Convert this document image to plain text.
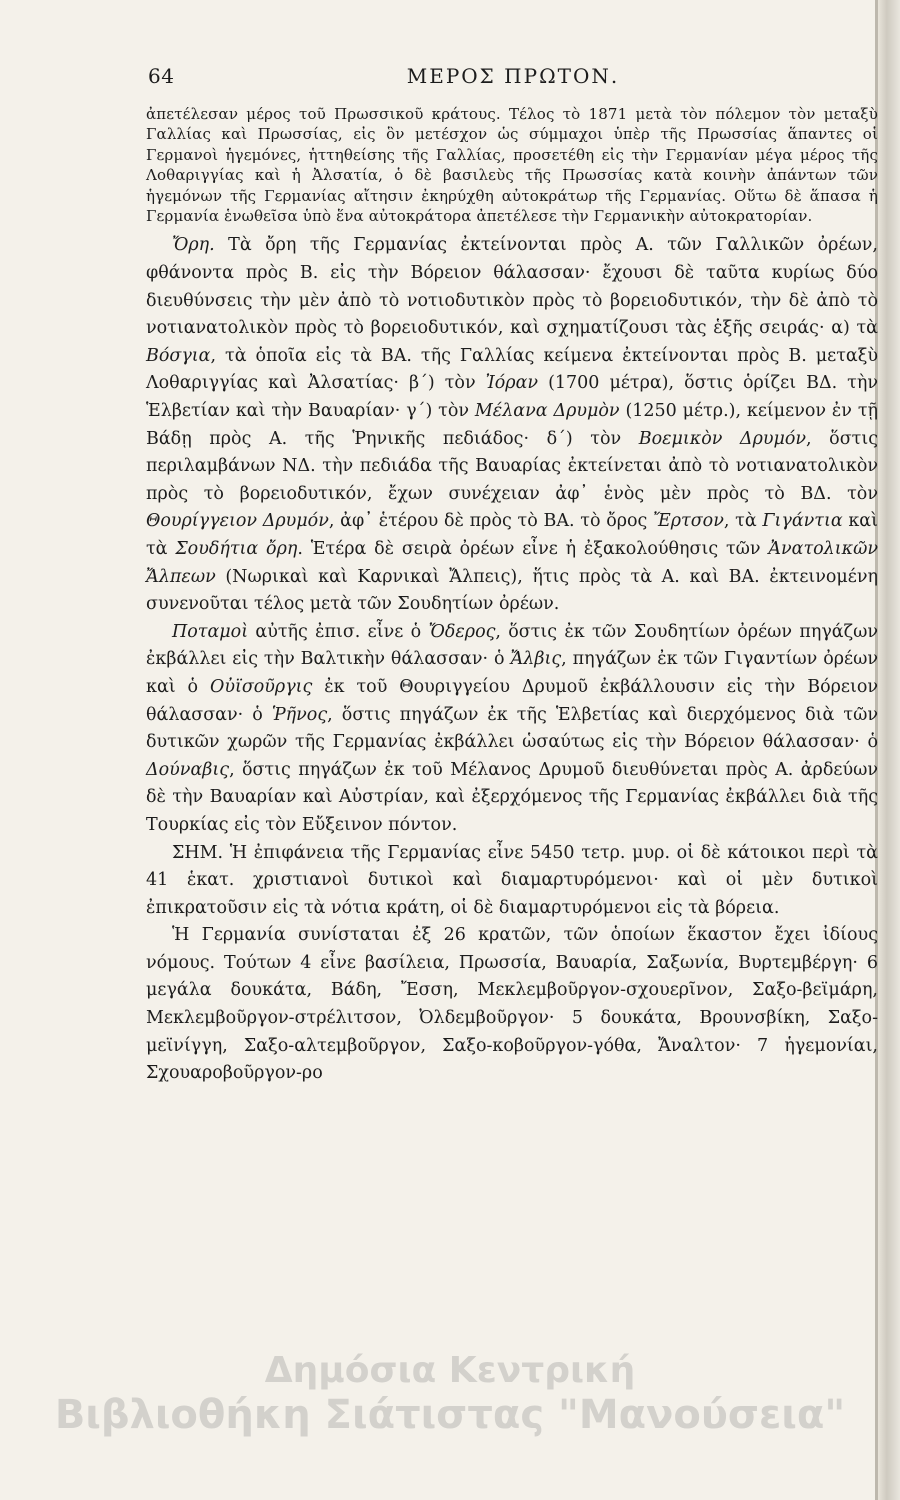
64	ΜΕΡΟΣ ΠΡΩΤΟΝ.

ἀπετέλεσαν μέρος τοῦ Πρωσσικοῦ κράτους. Τέλος τὸ 1871 μετὰ τὸν πόλεμον τὸν μεταξὺ Γαλλίας καὶ Πρωσσίας, εἰς ὃν μετέσχον ὡς σύμμαχοι ὑπὲρ τῆς Πρωσσίας ἅπαντες οἱ Γερμανοὶ ἡγεμόνες, ἡττηθείσης τῆς Γαλλίας, προσετέθη εἰς τὴν Γερμανίαν μέγα μέρος τῆς Λοθαριγγίας καὶ ἡ Ἀλσατία, ὁ δὲ βασιλεὺς τῆς Πρωσσίας κατὰ κοινὴν ἀπάντων τῶν ἡγεμόνων τῆς Γερμανίας αἴτησιν ἐκηρύχθη αὐτοκράτωρ τῆς Γερμανίας. Οὕτω δὲ ἅπασα ἡ Γερμανία ἑνωθεῖσα ὑπὸ ἕνα αὐτοκράτορα ἀπετέλεσε τὴν Γερμανικὴν αὐτοκρατορίαν.

Ὄρη. Τὰ ὄρη τῆς Γερμανίας ἐκτείνονται πρὸς Α. τῶν Γαλλικῶν ὀρέων, φθάνοντα πρὸς Β. εἰς τὴν Βόρειον θάλασσαν· ἔχουσι δὲ ταῦτα κυρίως δύο διευθύνσεις τὴν μὲν ἀπὸ τὸ νοτιοδυτικὸν πρὸς τὸ βορειοδυτικόν, τὴν δὲ ἀπὸ τὸ νοτιανατολικὸν πρὸς τὸ βορειοδυτικόν, καὶ σχηματίζουσι τὰς ἑξῆς σειράς· α) τὰ Βόσγια, τὰ ὁποῖα εἰς τὰ ΒΑ. τῆς Γαλλίας κείμενα ἐκτείνονται πρὸς Β. μεταξὺ Λοθαριγγίας καὶ Ἀλσατίας· β΄) τὸν Ἰόραν (1700 μέτρα), ὅστις ὁρίζει ΒΔ. τὴν Ἑλβετίαν καὶ τὴν Βαυαρίαν· γ΄) τὸν Μέλανα Δρυμὸν (1250 μέτρ.), κείμενον ἐν τῇ Βάδῃ πρὸς Α. τῆς Ῥηνικῆς πεδιάδος· δ΄) τὸν Βοεμικὸν Δρυμόν, ὅστις περιλαμβάνων ΝΔ. τὴν πεδιάδα τῆς Βαυαρίας ἐκτείνεται ἀπὸ τὸ νοτιανατολικὸν πρὸς τὸ βορειοδυτικόν, ἔχων συνέχειαν ἀφ᾽ ἑνὸς μὲν πρὸς τὸ ΒΔ. τὸν Θουρίγγειον Δρυμόν, ἀφ᾽ ἑτέρου δὲ πρὸς τὸ ΒΑ. τὸ ὄρος Ἔρτσον, τὰ Γιγάντια καὶ τὰ Σουδήτια ὄρη. Ἑτέρα δὲ σειρὰ ὀρέων εἶνε ἡ ἐξακολούθησις τῶν Ἀνατολικῶν Ἄλπεων (Νωρικαὶ καὶ Καρνικαὶ Ἄλπεις), ἥτις πρὸς τὰ Α. καὶ ΒΑ. ἐκτεινομένη συνενοῦται τέλος μετὰ τῶν Σουδητίων ὀρέων.

Ποταμοὶ αὐτῆς ἐπισ. εἶνε ὁ Ὄδερος, ὅστις ἐκ τῶν Σουδητίων ὀρέων πηγάζων ἐκβάλλει εἰς τὴν Βαλτικὴν θάλασσαν· ὁ Ἄλβις, πηγάζων ἐκ τῶν Γιγαντίων ὀρέων καὶ ὁ Οὐϊσοῦργις ἐκ τοῦ Θουριγγείου Δρυμοῦ ἐκβάλλουσιν εἰς τὴν Βόρειον θάλασσαν· ὁ Ῥῆνος, ὅστις πηγάζων ἐκ τῆς Ἑλβετίας καὶ διερχόμενος διὰ τῶν δυτικῶν χωρῶν τῆς Γερμανίας ἐκβάλλει ὡσαύτως εἰς τὴν Βόρειον θάλασσαν· ὁ Δούναβις, ὅστις πηγάζων ἐκ τοῦ Μέλανος Δρυμοῦ διευθύνεται πρὸς Α. ἀρδεύων δὲ τὴν Βαυαρίαν καὶ Αὐστρίαν, καὶ ἐξερχόμενος τῆς Γερμανίας ἐκβάλλει διὰ τῆς Τουρκίας εἰς τὸν Εὔξεινον πόντον.

ΣΗΜ. Ἡ ἐπιφάνεια τῆς Γερμανίας εἶνε 5450 τετρ. μυρ. οἱ δὲ κάτοικοι περὶ τὰ 41 ἑκατ. χριστιανοὶ δυτικοὶ καὶ διαμαρτυρόμενοι· καὶ οἱ μὲν δυτικοὶ ἐπικρατοῦσιν εἰς τὰ νότια κράτη, οἱ δὲ διαμαρτυρόμενοι εἰς τὰ βόρεια.

Ἡ Γερμανία συνίσταται ἐξ 26 κρατῶν, τῶν ὁποίων ἕκαστον ἔχει ἰδίους νόμους. Τούτων 4 εἶνε βασίλεια, Πρωσσία, Βαυαρία, Σαξωνία, Βυρτεμβέργη· 6 μεγάλα δουκάτα, Βάδη, Ἔσση, Μεκλεμβοῦργον-σχουερῖνον, Σαξο-βεϊμάρη, Μεκλεμβοῦργον-στρέλιτσον, Ὀλδεμβοῦργον· 5 δουκάτα, Βρουνσβίκη, Σαξο-μεϊνίγγη, Σαξο-αλτεμβοῦργον, Σαξο-κοβοῦργον-γόθα, Ἄναλτον· 7 ἡγεμονίαι, Σχουαροβοῦργον-ρο

Δημόσια Κεντρική
Βιβλιοθήκη Σιάτιστας "Μανούσεια"
